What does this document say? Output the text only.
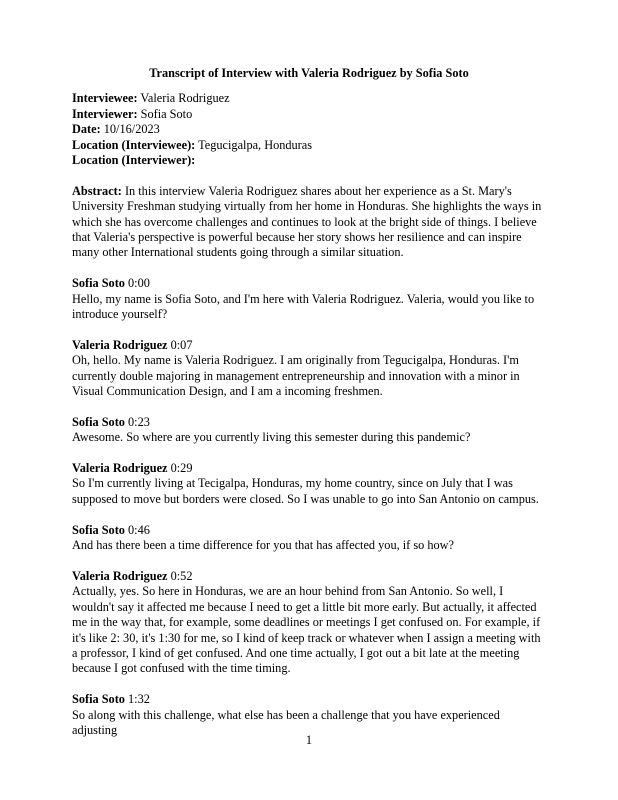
Transcript of Interview with Valeria Rodriguez by Sofia Soto

Interviewee: Valeria Rodriguez
Interviewer: Sofia Soto
Date: 10/16/2023
Location (Interviewee): Tegucigalpa, Honduras
Location (Interviewer):

Abstract: In this interview Valeria Rodriguez shares about her experience as a St. Mary's University Freshman studying virtually from her home in Honduras. She highlights the ways in which she has overcome challenges and continues to look at the bright side of things. I believe that Valeria's perspective is powerful because her story shows her resilience and can inspire many other International students going through a similar situation.

Sofia Soto 0:00

Hello, my name is Sofia Soto, and I'm here with Valeria Rodriguez. Valeria, would you like to introduce yourself?

Valeria Rodriguez 0:07

Oh, hello. My name is Valeria Rodriguez. I am originally from Tegucigalpa, Honduras. I'm currently double majoring in management entrepreneurship and innovation with a minor in Visual Communication Design, and I am a incoming freshmen.

Sofia Soto 0:23

Awesome. So where are you currently living this semester during this pandemic?

Valeria Rodriguez 0:29

So I'm currently living at Tecigalpa, Honduras, my home country, since on July that I was supposed to move but borders were closed. So I was unable to go into San Antonio on campus.

Sofia Soto 0:46

And has there been a time difference for you that has affected you, if so how?

Valeria Rodriguez 0:52

Actually, yes. So here in Honduras, we are an hour behind from San Antonio. So well, I wouldn't say it affected me because I need to get a little bit more early. But actually, it affected me in the way that, for example, some deadlines or meetings I get confused on. For example, if it's like 2: 30, it's 1:30 for me, so I kind of keep track or whatever when I assign a meeting with a professor, I kind of get confused. And one time actually, I got out a bit late at the meeting because I got confused with the time timing.

Sofia Soto 1:32

So along with this challenge, what else has been a challenge that you have experienced adjusting

1
